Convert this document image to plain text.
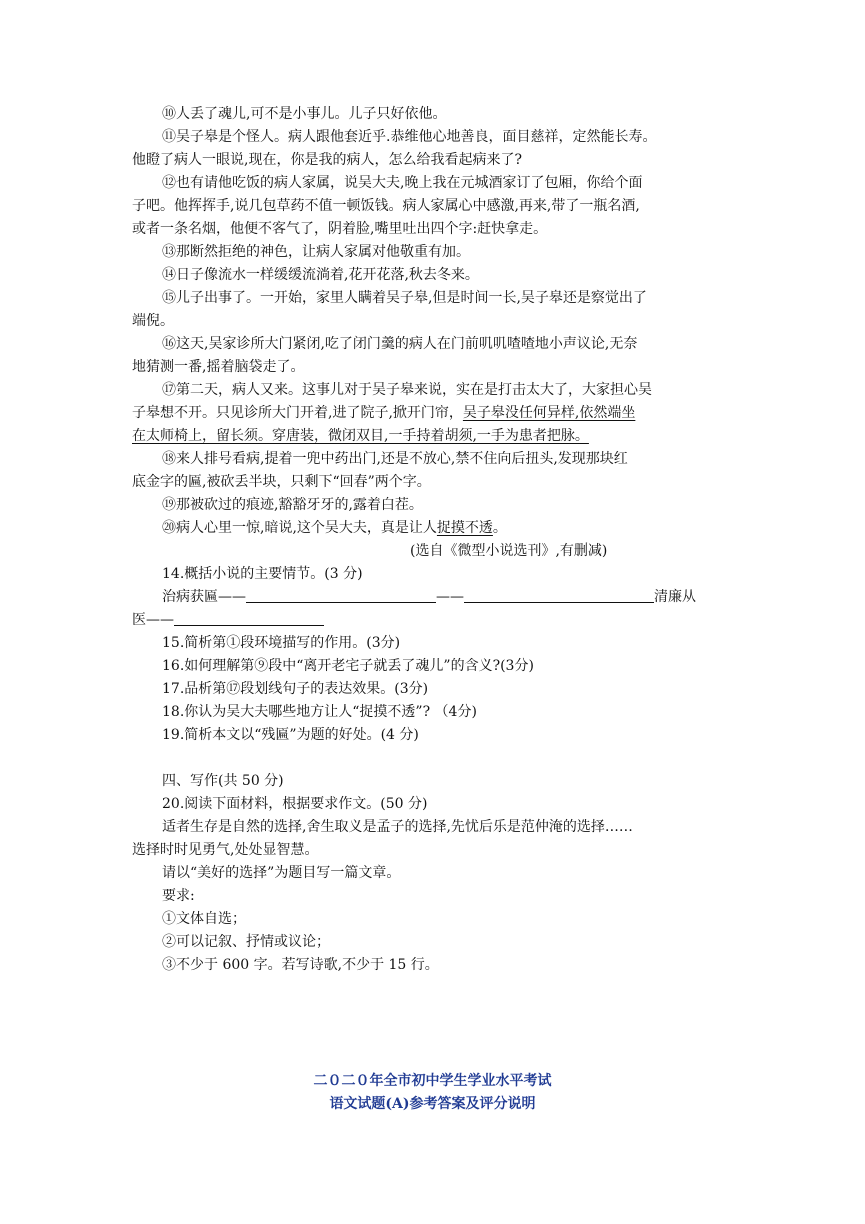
⑩人丢了魂儿,可不是小事儿。儿子只好依他。
⑪吴子皋是个怪人。病人跟他套近乎.恭维他心地善良，面目慈祥，定然能长寿。
他瞪了病人一眼说,现在，你是我的病人，怎么给我看起病来了?
⑫也有请他吃饭的病人家属，说吴大夫,晚上我在元城酒家订了包厢，你给个面
子吧。他挥挥手,说几包草药不值一顿饭钱。病人家属心中感激,再来,带了一瓶名酒,
或者一条名烟，他便不客气了，阴着脸,嘴里吐出四个字:赶快拿走。
⑬那断然拒绝的神色，让病人家属对他敬重有加。
⑭日子像流水一样缓缓流淌着,花开花落,秋去冬来。
⑮儿子出事了。一开始，家里人瞒着吴子皋,但是时间一长,吴子皋还是察觉出了
端倪。
⑯这天,吴家诊所大门紧闭,吃了闭门羹的病人在门前叽叽喳喳地小声议论,无奈
地猜测一番,摇着脑袋走了。
⑰第二天，病人又来。这事儿对于吴子皋来说，实在是打击太大了，大家担心吴
子皋想不开。只见诊所大门开着,进了院子,掀开门帘，吴子皋没任何异样,依然端坐
在太师椅上，留长须。穿唐装，微闭双目,一手持着胡须,一手为患者把脉。
⑱来人排号看病,提着一兜中药出门,还是不放心,禁不住向后扭头,发现那块红
底金字的匾,被砍丢半块，只剩下“回春”两个字。
⑲那被砍过的痕迹,豁豁牙牙的,露着白茬。
⑳病人心里一惊,暗说,这个吴大夫，真是让人捉摸不透。
(选自《微型小说选刊》,有删减)
14.概括小说的主要情节。(3 分)
治病获匾——	——	清廉从
医——
15.简析第①段环境描写的作用。(3分)
16.如何理解第⑨段中“离开老宅子就丢了魂儿”的含义?(3分)
17.品析第⑰段划线句子的表达效果。(3分)
18.你认为吴大夫哪些地方让人“捉摸不透”? （4分)
19.简析本文以“残匾”为题的好处。(4 分)
四、写作(共 50 分)
20.阅读下面材料，根据要求作文。(50 分)
适者生存是自然的选择,舍生取义是孟子的选择,先忧后乐是范仲淹的选择……
选择时时见勇气,处处显智慧。
请以“美好的选择”为题目写一篇文章。
要求:
①文体自选；
②可以记叙、抒情或议论；
③不少于 600 字。若写诗歌,不少于 15 行。
二０二０年全市初中学生学业水平考试
语文试题(A)参考答案及评分说明
